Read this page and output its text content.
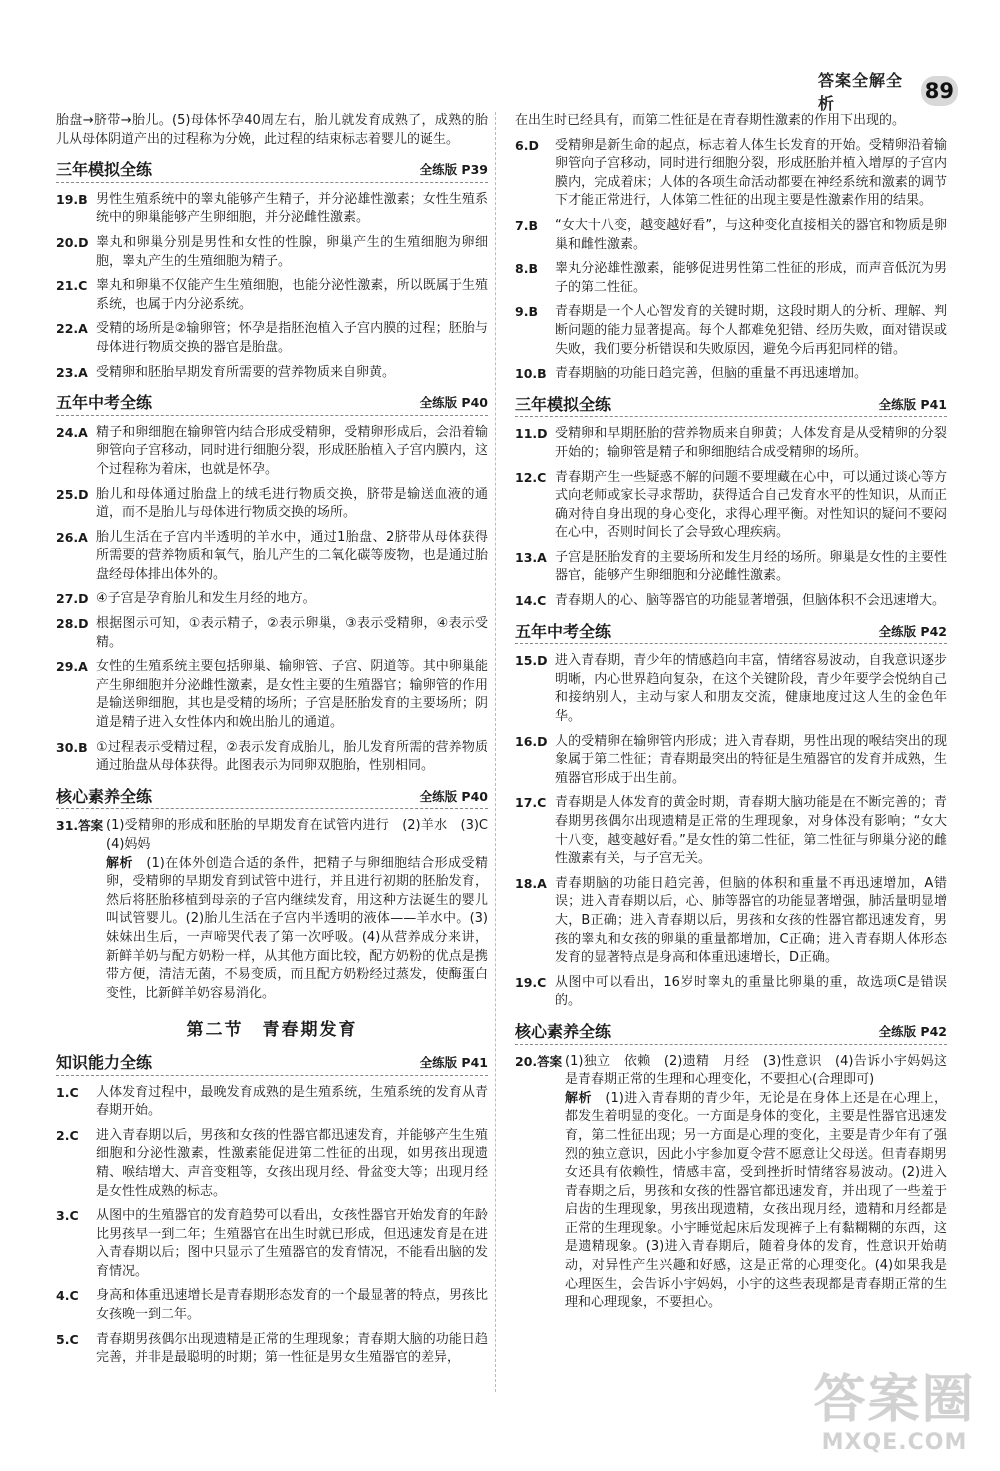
答案全解全析
89

胎盘→脐带→胎儿。(5)母体怀孕40周左右，胎儿就发育成熟了，成熟的胎儿从母体阴道产出的过程称为分娩，此过程的结束标志着婴儿的诞生。

三年模拟全练	全练版 P39
19.B 男性生殖系统中的睾丸能够产生精子，并分泌雄性激素；女性生殖系统中的卵巢能够产生卵细胞，并分泌雌性激素。
20.D 睾丸和卵巢分别是男性和女性的性腺，卵巢产生的生殖细胞为卵细胞，睾丸产生的生殖细胞为精子。
21.C 睾丸和卵巢不仅能产生生殖细胞，也能分泌性激素，所以既属于生殖系统，也属于内分泌系统。
22.A 受精的场所是②输卵管；怀孕是指胚泡植入子宫内膜的过程；胚胎与母体进行物质交换的器官是胎盘。
23.A 受精卵和胚胎早期发育所需要的营养物质来自卵黄。
五年中考全练	全练版 P40
24.A 精子和卵细胞在输卵管内结合形成受精卵，受精卵形成后，会沿着输卵管向子宫移动，同时进行细胞分裂，形成胚胎植入子宫内膜内，这个过程称为着床，也就是怀孕。
25.D 胎儿和母体通过胎盘上的绒毛进行物质交换，脐带是输送血液的通道，而不是胎儿与母体进行物质交换的场所。
26.A 胎儿生活在子宫内半透明的羊水中，通过1胎盘、2脐带从母体获得所需要的营养物质和氧气，胎儿产生的二氧化碳等废物，也是通过胎盘经母体排出体外的。
27.D ④子宫是孕育胎儿和发生月经的地方。
28.D 根据图示可知，①表示精子，②表示卵巢，③表示受精卵，④表示受精。
29.A 女性的生殖系统主要包括卵巢、输卵管、子宫、阴道等。其中卵巢能产生卵细胞并分泌雌性激素，是女性主要的生殖器官；输卵管的作用是输送卵细胞，其也是受精的场所；子宫是胚胎发育的主要场所；阴道是精子进入女性体内和娩出胎儿的通道。
30.B ①过程表示受精过程，②表示发育成胎儿，胎儿发育所需的营养物质通过胎盘从母体获得。此图表示为同卵双胞胎，性别相同。
核心素养全练	全练版 P40
31.答案 (1)受精卵的形成和胚胎的早期发育在试管内进行　(2)羊水　(3)C　(4)妈妈
解析　 (1)在体外创造合适的条件，把精子与卵细胞结合形成受精卵，受精卵的早期发育到试管中进行，并且进行初期的胚胎发育，然后将胚胎移植到母亲的子宫内继续发育，用这种方法诞生的婴儿叫试管婴儿。(2)胎儿生活在子宫内半透明的液体——羊水中。(3)妹妹出生后，一声啼哭代表了第一次呼吸。(4)从营养成分来讲，新鲜羊奶与配方奶粉一样，从其他方面比较，配方奶粉的优点是携带方便，清洁无菌，不易变质，而且配方奶粉经过蒸发，使酶蛋白变性，比新鲜羊奶容易消化。
第二节　青春期发育
知识能力全练	全练版 P41
1.C	人体发育过程中，最晚发育成熟的是生殖系统，生殖系统的发育从青春期开始。
2.C	进入青春期以后，男孩和女孩的性器官都迅速发育，并能够产生生殖细胞和分泌性激素，性激素能促进第二性征的出现，如男孩出现遗精、喉结增大、声音变粗等，女孩出现月经、骨盆变大等；出现月经是女性性成熟的标志。
3.C	从图中的生殖器官的发育趋势可以看出，女孩性器官开始发育的年龄比男孩早一到二年；生殖器官在出生时就已形成，但迅速发育是在进入青春期以后；图中只显示了生殖器官的发育情况，不能看出脑的发育情况。
4.C	身高和体重迅速增长是青春期形态发育的一个最显著的特点，男孩比女孩晚一到二年。
5.C	青春期男孩偶尔出现遗精是正常的生理现象；青春期大脑的功能日趋完善，并非是最聪明的时期；第一性征是男女生殖器官的差异，

在出生时已经具有，而第二性征是在青春期性激素的作用下出现的。

6.D	受精卵是新生命的起点，标志着人体生长发育的开始。受精卵沿着输卵管向子宫移动，同时进行细胞分裂，形成胚胎并植入增厚的子宫内膜内，完成着床；人体的各项生命活动都要在神经系统和激素的调节下才能正常进行，人体第二性征的出现主要是性激素作用的结果。
7.B	“女大十八变，越变越好看”，与这种变化直接相关的器官和物质是卵巢和雌性激素。
8.B	睾丸分泌雄性激素，能够促进男性第二性征的形成，而声音低沉为男子的第二性征。
9.B	青春期是一个人心智发育的关键时期，这段时期人的分析、理解、判断问题的能力显著提高。每个人都难免犯错、经历失败，面对错误或失败，我们要分析错误和失败原因，避免今后再犯同样的错。
10.B 青春期脑的功能日趋完善，但脑的重量不再迅速增加。
三年模拟全练	全练版 P41
11.D 受精卵和早期胚胎的营养物质来自卵黄；人体发育是从受精卵的分裂开始的；输卵管是精子和卵细胞结合成受精卵的场所。
12.C 青春期产生一些疑惑不解的问题不要埋藏在心中，可以通过谈心等方式向老师或家长寻求帮助，获得适合自己发育水平的性知识，从而正确对待自身出现的身心变化，求得心理平衡。对性知识的疑问不要闷在心中，否则时间长了会导致心理疾病。
13.A 子宫是胚胎发育的主要场所和发生月经的场所。卵巢是女性的主要性器官，能够产生卵细胞和分泌雌性激素。
14.C 青春期人的心、脑等器官的功能显著增强，但脑体积不会迅速增大。
五年中考全练	全练版 P42
15.D 进入青春期，青少年的情感趋向丰富，情绪容易波动，自我意识逐步明晰，内心世界趋向复杂，在这个关键阶段，青少年要学会悦纳自己和接纳别人，主动与家人和朋友交流，健康地度过这人生的金色年华。
16.D 人的受精卵在输卵管内形成；进入青春期，男性出现的喉结突出的现象属于第二性征；青春期最突出的特征是生殖器官的发育并成熟，生殖器官形成于出生前。
17.C 青春期是人体发育的黄金时期，青春期大脑功能是在不断完善的；青春期男孩偶尔出现遗精是正常的生理现象，对身体没有影响；“女大十八变，越变越好看。”是女性的第二性征，第二性征与卵巢分泌的雌性激素有关，与子宫无关。
18.A 青春期脑的功能日趋完善，但脑的体积和重量不再迅速增加，A错误；进入青春期以后，心、肺等器官的功能显著增强，肺活量明显增大，B正确；进入青春期以后，男孩和女孩的性器官都迅速发育，男孩的睾丸和女孩的卵巢的重量都增加，C正确；进入青春期人体形态发育的显著特点是身高和体重迅速增长，D正确。
19.C 从图中可以看出，16岁时睾丸的重量比卵巢的重，故选项C是错误的。
核心素养全练	全练版 P42
20.答案 (1)独立　依赖　(2)遗精　月经　(3)性意识　(4)告诉小宇妈妈这是青春期正常的生理和心理变化，不要担心(合理即可)
解析　 (1)进入青春期的青少年，无论是在身体上还是在心理上，都发生着明显的变化。一方面是身体的变化，主要是性器官迅速发育，第二性征出现；另一方面是心理的变化，主要是青少年有了强烈的独立意识，因此小宇参加夏令营不愿意让父母送。但青春期男女还具有依赖性，情感丰富，受到挫折时情绪容易波动。(2)进入青春期之后，男孩和女孩的性器官都迅速发育，并出现了一些羞于启齿的生理现象，男孩出现遗精，女孩出现月经，遗精和月经都是正常的生理现象。小宇睡觉起床后发现裤子上有黏糊糊的东西，这是遗精现象。(3)进入青春期后，随着身体的发育，性意识开始萌动，对异性产生兴趣和好感，这是正常的心理变化。(4)如果我是心理医生，会告诉小宇妈妈，小宇的这些表现都是青春期正常的生理和心理现象，不要担心。
答案圈
MXQE.COM
